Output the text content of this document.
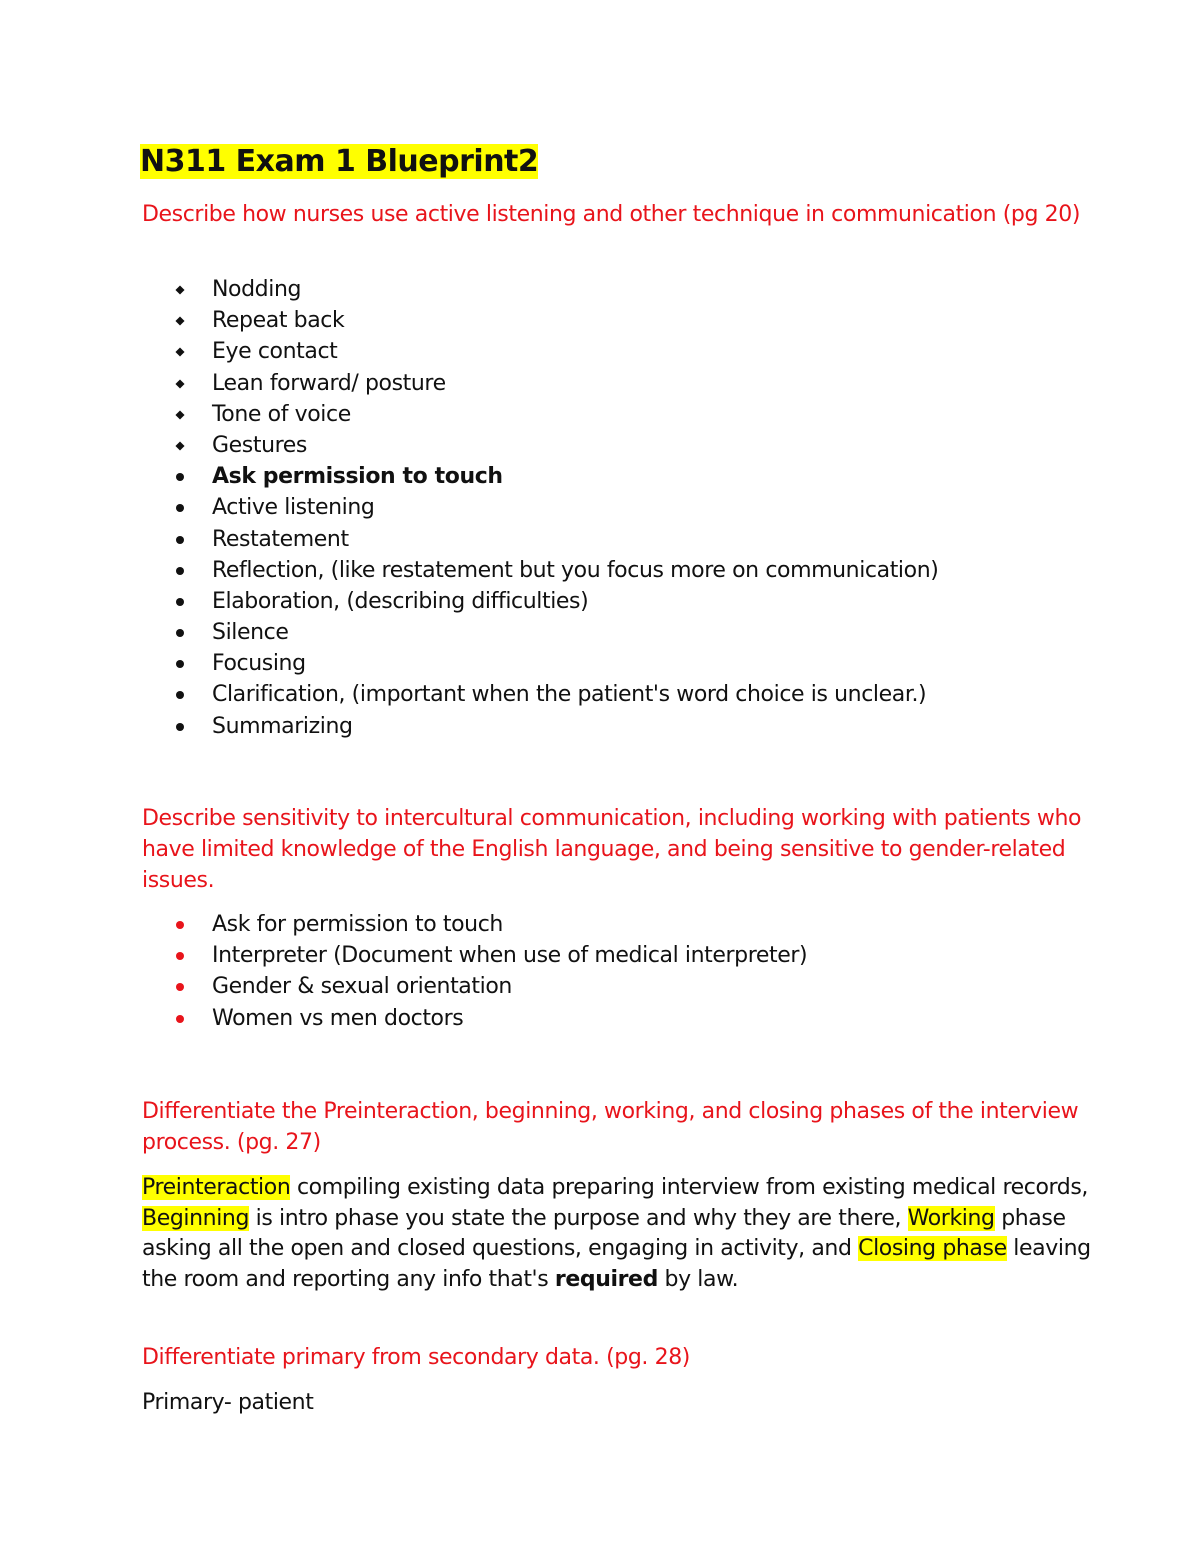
N311 Exam 1 Blueprint2

Describe how nurses use active listening and other technique in communication (pg 20)

Nodding
Repeat back
Eye contact
Lean forward/ posture
Tone of voice
Gestures
Ask permission to touch
Active listening
Restatement
Reflection, (like restatement but you focus more on communication)
Elaboration, (describing difficulties)
Silence
Focusing
Clarification, (important when the patient's word choice is unclear.)
Summarizing

Describe sensitivity to intercultural communication, including working with patients who have limited knowledge of the English language, and being sensitive to gender-related issues.

Ask for permission to touch
Interpreter (Document when use of medical interpreter)
Gender & sexual orientation
Women vs men doctors

Differentiate the Preinteraction, beginning, working, and closing phases of the interview process. (pg. 27)

Preinteraction compiling existing data preparing interview from existing medical records, Beginning is intro phase you state the purpose and why they are there, Working phase asking all the open and closed questions, engaging in activity, and Closing phase leaving the room and reporting any info that's required by law.

Differentiate primary from secondary data. (pg. 28)

Primary- patient
